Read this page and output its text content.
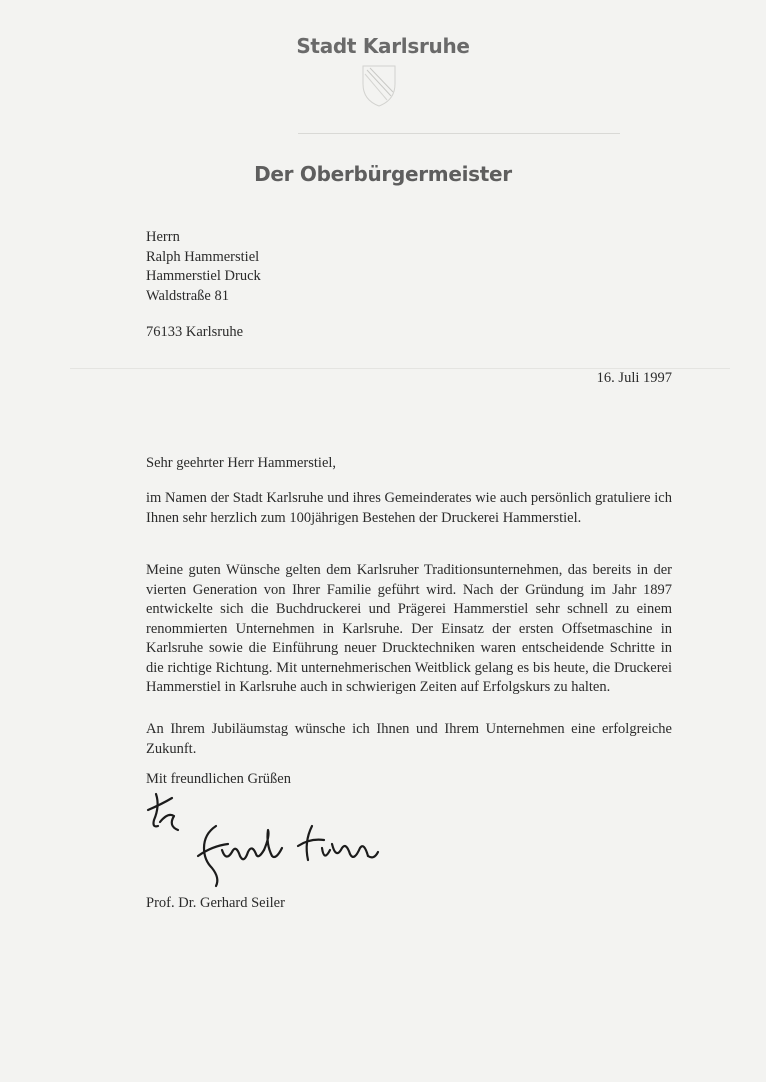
Stadt Karlsruhe
Der Oberbürgermeister
Herrn
Ralph Hammerstiel
Hammerstiel Druck
Waldstraße 81
76133 Karlsruhe
16. Juli 1997
Sehr geehrter Herr Hammerstiel,

im Namen der Stadt Karlsruhe und ihres Gemeinderates wie auch persönlich gratuliere ich Ihnen sehr herzlich zum 100jährigen Bestehen der Druckerei Hammerstiel.

Meine guten Wünsche gelten dem Karlsruher Traditionsunternehmen, das bereits in der vierten Generation von Ihrer Familie geführt wird. Nach der Gründung im Jahr 1897 entwickelte sich die Buchdruckerei und Prägerei Hammerstiel sehr schnell zu einem renommierten Unternehmen in Karlsruhe. Der Einsatz der ersten Offsetmaschine in Karlsruhe sowie die Einführung neuer Drucktechniken waren entscheidende Schritte in die richtige Richtung. Mit unternehmerischen Weitblick gelang es bis heute, die Druckerei Hammerstiel in Karlsruhe auch in schwierigen Zeiten auf Erfolgskurs zu halten.

An Ihrem Jubiläumstag wünsche ich Ihnen und Ihrem Unternehmen eine erfolgreiche Zukunft.

Mit freundlichen Grüßen
Prof. Dr. Gerhard Seiler
